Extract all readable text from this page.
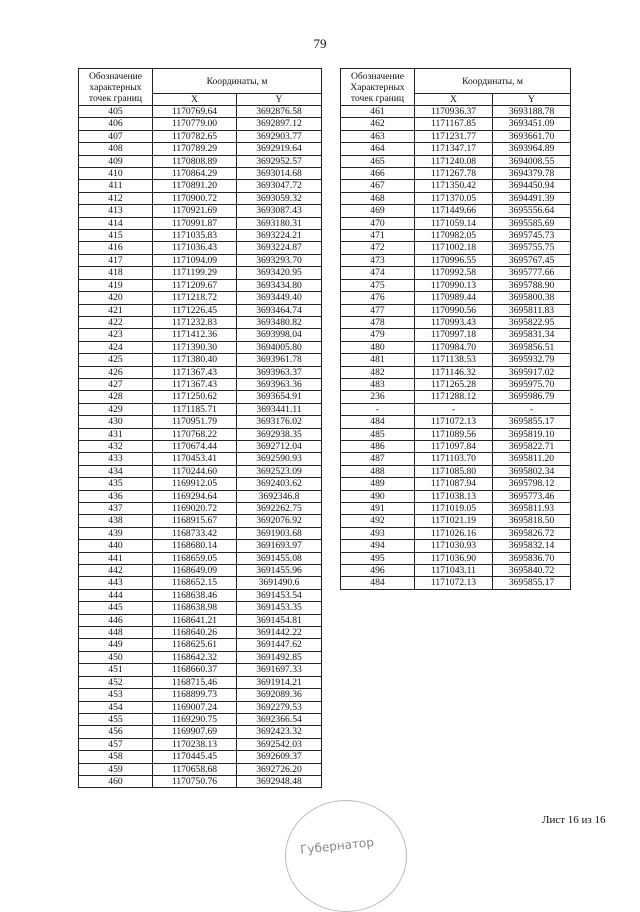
79
Обозначение характерных точек границ	Координаты, м	
	X	Y
405	1170769.64	3692876.58
406	1170779.00	3692897.12
407	1170782.65	3692903.77
408	1170789.29	3692919.64
409	1170808.89	3692952.57
410	1170864.29	3693014.68
411	1170891.20	3693047.72
412	1170900.72	3693059.32
413	1170921.69	3693087.43
414	1170991.87	3693180.31
415	1171035.83	3693224.21
416	1171036.43	3693224.87
417	1171094.09	3693293.70
418	1171199.29	3693420.95
419	1171209.67	3693434.80
420	1171218.72	3693449.40
421	1171226.45	3693464.74
422	1171232.83	3693480.82
423	1171412.36	3693998.04
424	1171390.30	3694005.80
425	1171380.40	3693961.78
426	1171367.43	3693963.37
427	1171367.43	3693963.36
428	1171250.62	3693654.91
429	1171185.71	3693441.11
430	1170951.79	3693176.02
431	1170768.22	3692938.35
432	1170674.44	3692712.04
433	1170453.41	3692590.93
434	1170244.60	3692523.09
435	1169912.05	3692403.62
436	1169294.64	3692346.8
437	1169020.72	3692262.75
438	1168915.67	3692076.92
439	1168733.42	3691903.68
440	1168680.14	3691693.97
441	1168659.05	3691455.08
442	1168649.09	3691455.96
443	1168652.15	3691490.6
444	1168638.46	3691453.54
445	1168638.98	3691453.35
446	1168641.21	3691454.81
448	1168640.26	3691442.22
449	1168625.61	3691447.62
450	1168642.32	3691492.85
451	1168660.37	3691697.33
452	1168715.46	3691914.21
453	1168899.73	3692089.36
454	1169007.24	3692279.53
455	1169290.75	3692366.54
456	1169907.69	3692423.32
457	1170238.13	3692542.03
458	1170445.45	3692609.37
459	1170658.68	3692726.20
460	1170750.76	3692948.48
Обозначение Характерных точек границ	Координаты, м	
	X	Y
461	1170936.37	3693188.78
462	1171167.85	3693451.09
463	1171231.77	3693661.70
464	1171347.17	3693964.89
465	1171240.08	3694008.55
466	1171267.78	3694379.78
467	1171350.42	3694450.94
468	1171370.05	3694491.39
469	1171449.66	3695556.64
470	1171059.14	3695585.69
471	1170982.05	3695745.73
472	1171002.18	3695755.75
473	1170996.55	3695767.45
474	1170992.58	3695777.66
475	1170990.13	3695788.90
476	1170989.44	3695800.38
477	1170990.56	3695811.83
478	1170993.43	3695822.95
479	1170997.18	3695831.34
480	1170984.70	3695856.51
481	1171138.53	3695932.79
482	1171146.32	3695917.02
483	1171265.28	3695975.70
236	1171288.12	3695986.79
-	-	-
484	1171072.13	3695855.17
485	1171089.56	3695819.10
486	1171097.84	3695822.71
487	1171103.70	3695811.20
488	1171085.80	3695802.34
489	1171087.94	3695798.12
490	1171038.13	3695773.46
491	1171019.05	3695811.93
492	1171021.19	3695818.50
493	1171026.16	3695826.72
494	1171030.93	3695832.14
495	1171036.90	3695836.70
496	1171043.11	3695840.72
484	1171072.13	3695855.17
Лист 16 из 16
Губернатор
